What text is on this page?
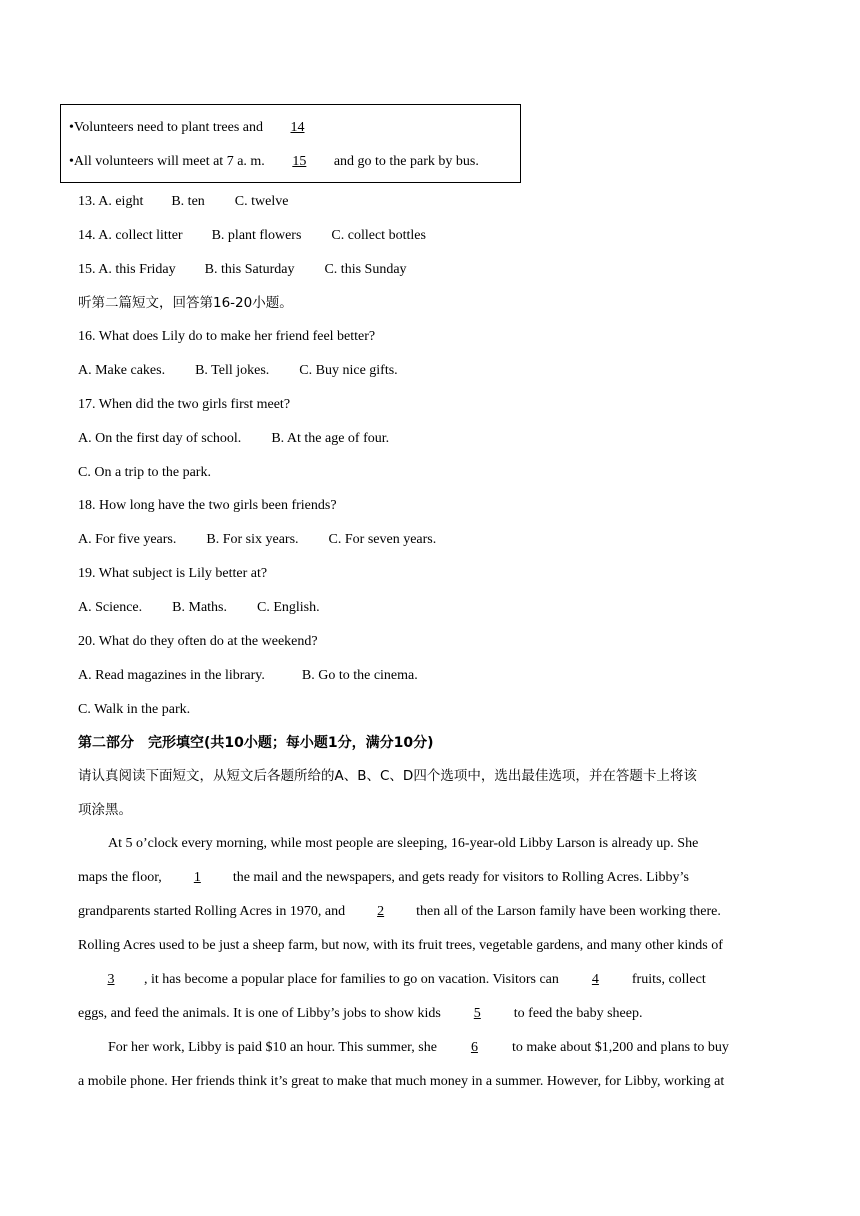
•Volunteers need to plant trees and 14
•All volunteers will meet at 7 a. m. 15 and go to the park by bus.
13. A. eight B. ten C. twelve
14. A. collect litter B. plant flowers C. collect bottles
15. A. this Friday B. this Saturday C. this Sunday
听第二篇短文，回答第16-20小题。
16. What does Lily do to make her friend feel better?
A. Make cakes. B. Tell jokes. C. Buy nice gifts.
17. When did the two girls first meet?
A. On the first day of school. B. At the age of four.
C. On a trip to the park.
18. How long have the two girls been friends?
A. For five years. B. For six years. C. For seven years.
19. What subject is Lily better at?
A. Science. B. Maths. C. English.
20. What do they often do at the weekend?
A. Read magazines in the library.	B. Go to the cinema.
C. Walk in the park.
第二部分　完形填空(共10小题；每小题1分，满分10分)
请认真阅读下面短文，从短文后各题所给的A、B、C、D四个选项中，选出最佳选项，并在答题卡上将该
项涂黑。
At 5 o’clock every morning, while most people are sleeping, 16-year-old Libby Larson is already up. She
maps the floor, 1 the mail and the newspapers, and gets ready for visitors to Rolling Acres. Libby’s
grandparents started Rolling Acres in 1970, and 2 then all of the Larson family have been working there.
Rolling Acres used to be just a sheep farm, but now, with its fruit trees, vegetable gardens, and many other kinds of
3 , it has become a popular place for families to go on vacation. Visitors can 4 fruits, collect
eggs, and feed the animals. It is one of Libby’s jobs to show kids 5 to feed the baby sheep.
For her work, Libby is paid $10 an hour. This summer, she 6 to make about $1,200 and plans to buy
a mobile phone. Her friends think it’s great to make that much money in a summer. However, for Libby, working at
